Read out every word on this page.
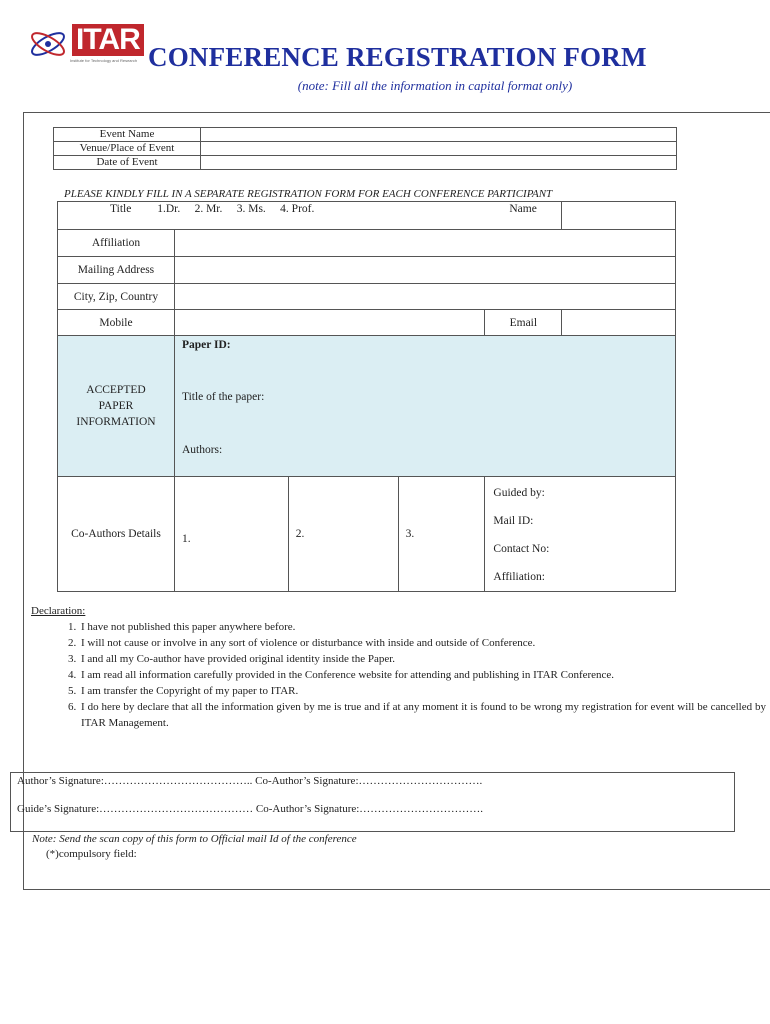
ITAR
Institute for Technology and Research CONFERENCE REGISTRATION FORM
(note: Fill all the information in capital format only)
Event Name	
Venue/Place of Event	
Date of Event	
PLEASE KINDLY FILL IN A SEPARATE REGISTRATION FORM FOR EACH CONFERENCE PARTICIPANT
Title 1.Dr.     2. Mr.     3. Ms.     4. Prof.				Name	
Affiliation					
Mailing Address					
City, Zip, Country					
Mobile				Email	
ACCEPTED PAPER INFORMATION	Paper ID:
Title of the paper:
Authors:				

Co-Authors Details	1.	2.	3.	Guided by:
Mail ID:
Contact No:
Affiliation:	
Declaration:
1. I have not published this paper anywhere before.
2. I will not cause or involve in any sort of violence or disturbance with inside and outside of Conference.
3. I and all my Co-author have provided original identity inside the Paper.
4. I am read all information carefully provided in the Conference website for attending and publishing in ITAR Conference.
5. I am transfer the Copyright of my paper to ITAR.
6. I do here by declare that all the information given by me is true and if at any moment it is found to be wrong my registration for event will be cancelled by ITAR Management.
Author’s Signature:………………………………….. Co-Author’s Signature:…………………………….
Guide’s Signature:…………………………………… Co-Author’s Signature:…………………………….
Note: Send the scan copy of this form to Official mail Id of the conference
(*)compulsory field:
